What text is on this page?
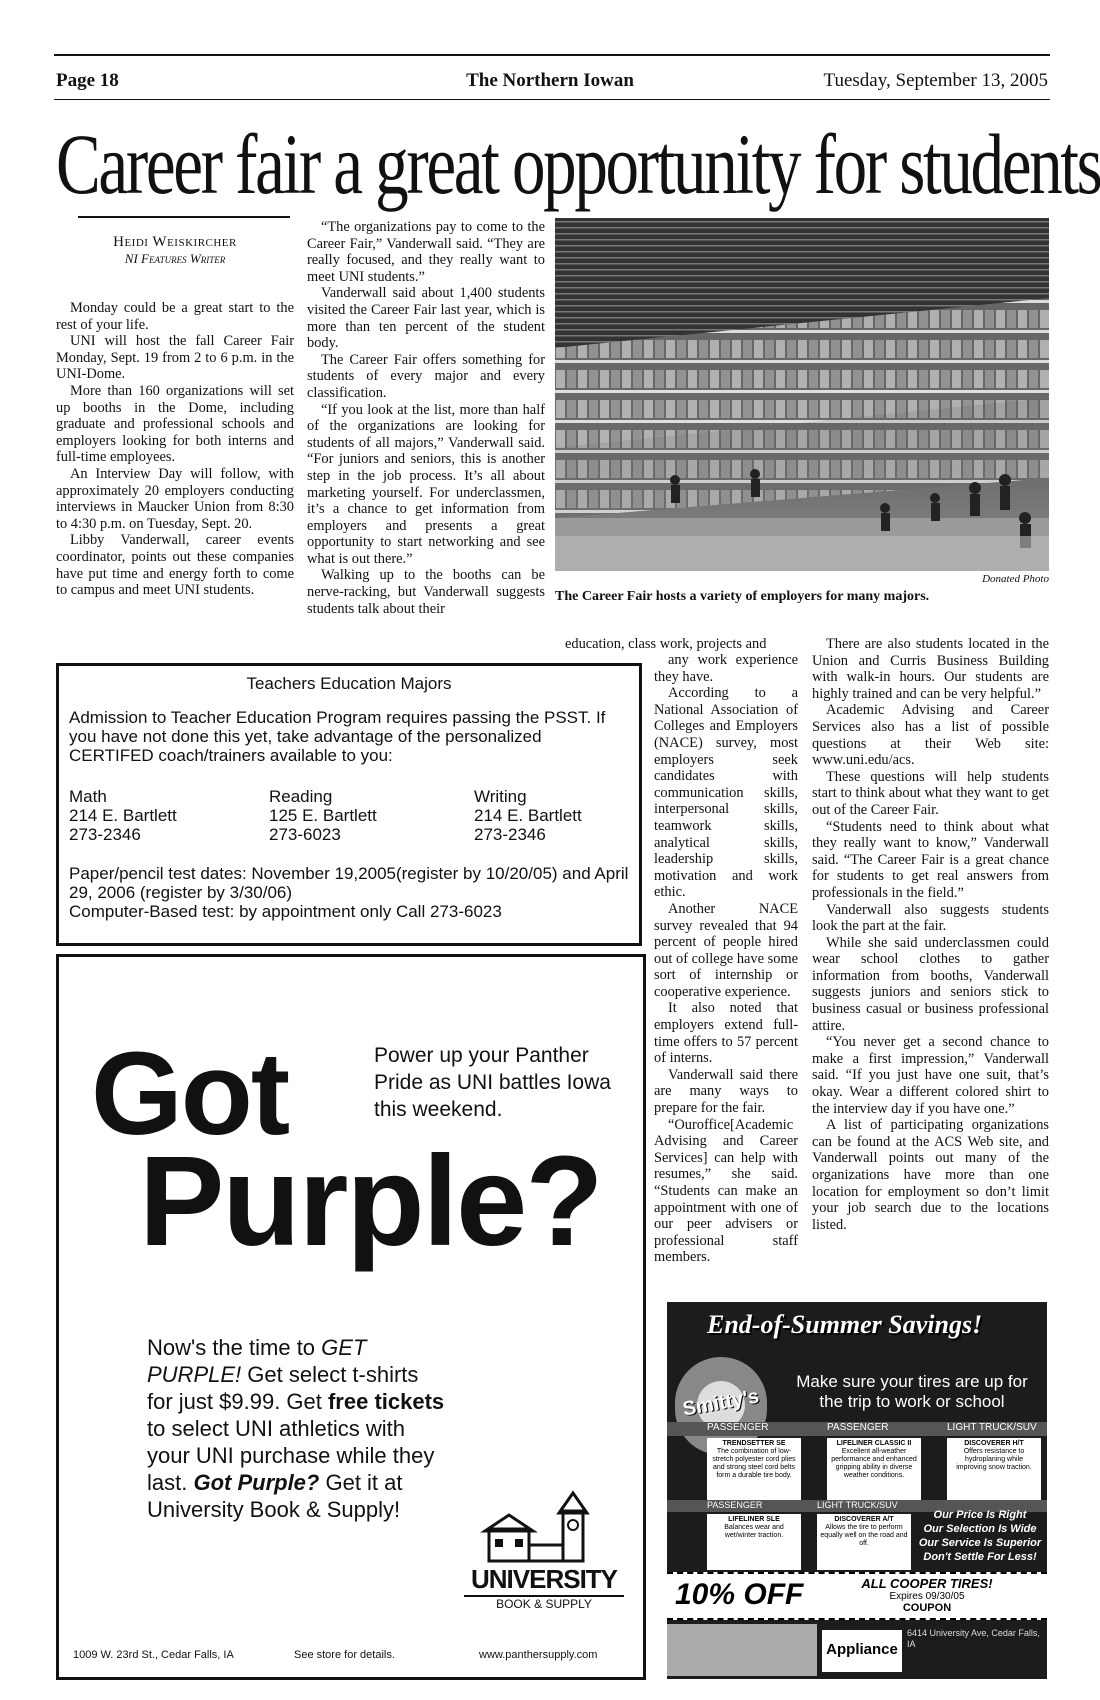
Page 18	The Northern Iowan	Tuesday, September 13, 2005
Career fair a great opportunity for students
Heidi Weiskircher
NI Features Writer

Monday could be a great start to the rest of your life.

UNI will host the fall Career Fair Monday, Sept. 19 from 2 to 6 p.m. in the UNI-Dome.

More than 160 organizations will set up booths in the Dome, including graduate and professional schools and employers looking for both interns and full-time employees.

An Interview Day will follow, with approximately 20 employers conducting interviews in Maucker Union from 8:30 to 4:30 p.m. on Tuesday, Sept. 20.

Libby Vanderwall, career events coordinator, points out these companies have put time and energy forth to come to campus and meet UNI students.

“The organizations pay to come to the Career Fair,” Vanderwall said. “They are really focused, and they really want to meet UNI students.”

Vanderwall said about 1,400 students visited the Career Fair last year, which is more than ten percent of the student body.

The Career Fair offers something for students of every major and every classification.

“If you look at the list, more than half of the organizations are looking for students of all majors,” Vanderwall said. “For juniors and seniors, this is another step in the job process. It’s all about marketing yourself. For underclassmen, it’s a chance to get information from employers and presents a great opportunity to start networking and see what is out there.”

Walking up to the booths can be nerve-racking, but Vanderwall suggests students talk about their

Donated Photo
The Career Fair hosts a variety of employers for many majors.
education, class work, projects and

any work experience they have.

According to a National Association of Colleges and Employers (NACE) survey, most employers seek candidates with communication skills, interpersonal skills, teamwork skills, analytical skills, leadership skills, motivation and work ethic.

Another NACE survey revealed that 94 percent of people hired out of college have some sort of internship or cooperative experience.

It also noted that employers extend full-time offers to 57 percent of interns.

Vanderwall said there are many ways to prepare for the fair.

“Ouroffice[Academic Advising and Career Services] can help with resumes,” she said. “Students can make an appointment with one of our peer advisers or professional staff members.

There are also students located in the Union and Curris Business Building with walk-in hours. Our students are highly trained and can be very helpful.”

Academic Advising and Career Services also has a list of possible questions at their Web site: www.uni.edu/acs.

These questions will help students start to think about what they want to get out of the Career Fair.

“Students need to think about what they really want to know,” Vanderwall said. “The Career Fair is a great chance for students to get real answers from professionals in the field.”

Vanderwall also suggests students look the part at the fair.

While she said underclassmen could wear school clothes to gather information from booths, Vanderwall suggests juniors and seniors stick to business casual or business professional attire.

“You never get a second chance to make a first impression,” Vanderwall said. “If you just have one suit, that’s okay. Wear a different colored shirt to the interview day if you have one.”

A list of participating organizations can be found at the ACS Web site, and Vanderwall points out many of the organizations have more than one location for employment so don’t limit your job search due to the locations listed.

Teachers Education Majors
Admission to Teacher Education Program requires passing the PSST. If you have not done this yet, take advantage of the personalized CERTIFED coach/trainers available to you:
Math
214 E. Bartlett
273-2346
Reading
125 E. Bartlett
273-6023
Writing
214 E. Bartlett
273-2346
Paper/pencil test dates: November 19,2005(register by 10/20/05) and April 29, 2006 (register by 3/30/06)
Computer-Based test: by appointment only Call 273-6023
Got	Power up your Panther Pride as UNI battles Iowa this weekend.
Purple?
Now's the time to GET PURPLE! Get select t-shirts for just $9.99. Get free tickets to select UNI athletics with your UNI purchase while they last. Got Purple? Get it at University Book & Supply!
UNIVERSITY
BOOK & SUPPLY
1009 W. 23rd St., Cedar Falls, IA	See store for details.	www.panthersupply.com
End-of-Summer Savings!
Smitty's
Make sure your tires are up for the trip to work or school
PASSENGER	PASSENGER	LIGHT TRUCK/SUV
TRENDSETTER SE
The combination of low-stretch polyester cord plies and strong steel cord belts form a durable tire body.
LIFELINER CLASSIC II
Excellent all-weather performance and enhanced gripping ability in diverse weather conditions.
DISCOVERER H/T
Offers resistance to hydroplaning while improving snow traction.
PASSENGER	LIGHT TRUCK/SUV
LIFELINER SLE
Balances wear and wet/winter traction.
DISCOVERER A/T
Allows the tire to perform equally well on the road and off.
Our Price Is Right
Our Selection Is Wide
Our Service Is Superior
Don't Settle For Less!
10% OFF	ALL COOPER TIRES!
Expires 09/30/05
COUPON
Appliance
6414 University Ave, Cedar Falls, IA
